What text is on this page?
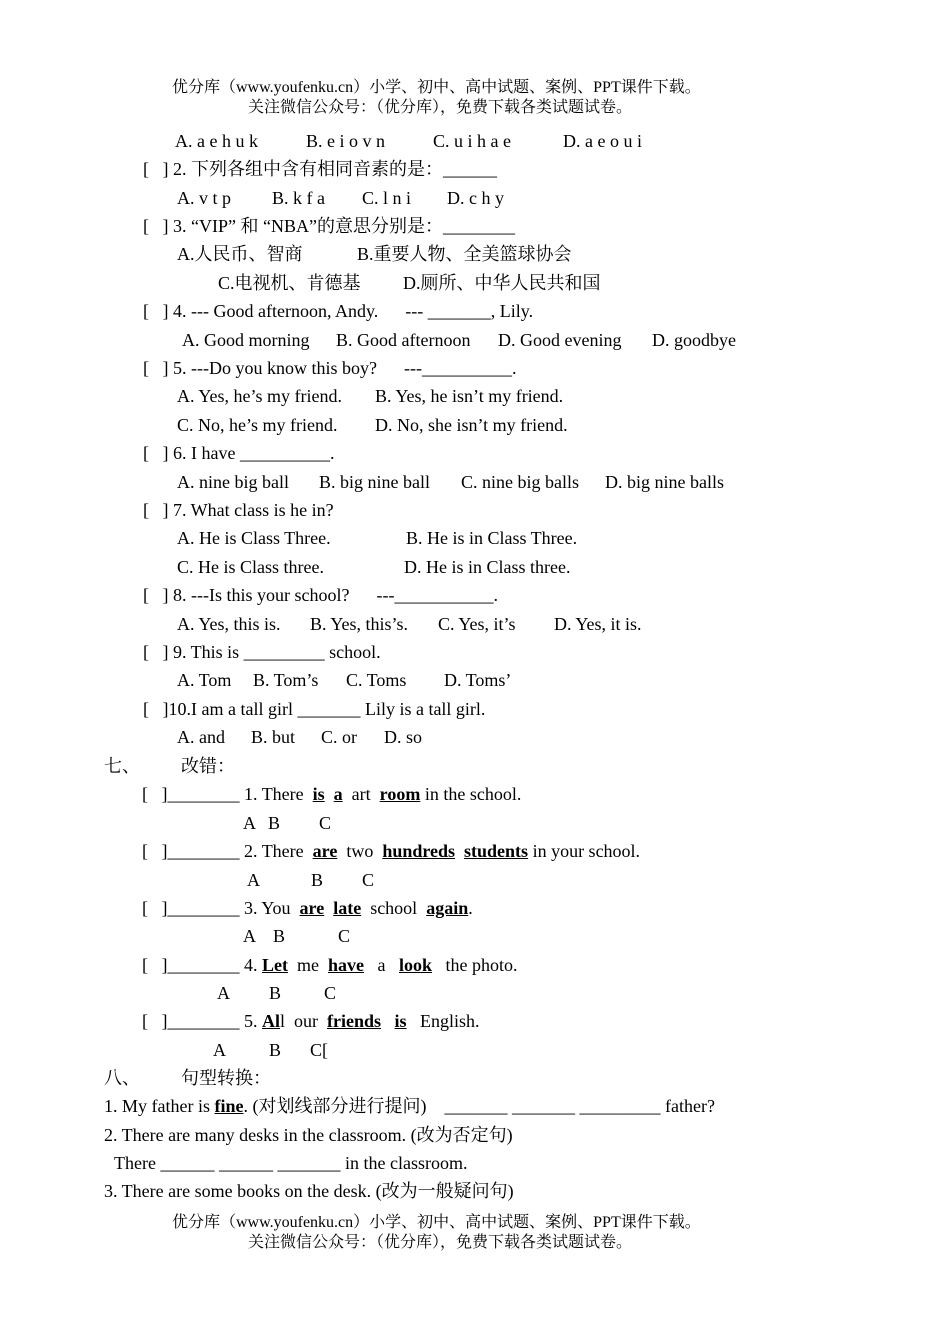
优分库（www.youfenku.cn）小学、初中、高中试题、案例、PPT课件下载。
关注微信公众号：（优分库），免费下载各类试题试卷。
A. a e h u k	B. e i o v n	C. u i h a e	D. a e o u i
[   ] 2. 下列各组中含有相同音素的是：______
A. v t p B. k f a C. l n i D. c h y
[   ] 3. “VIP” 和 “NBA”的意思分别是：________
A.人民币、智商	B.重要人物、全美篮球协会
C.电视机、肯德基 D.厕所、中华人民共和国
[   ] 4. --- Good afternoon, Andy.      --- _______, Lily.
A. Good morning B. Good afternoon D. Good evening D. goodbye
[   ] 5. ---Do you know this boy?      ---__________.
A. Yes, he’s my friend. B. Yes, he isn’t my friend.
C. No, he’s my friend. D. No, she isn’t my friend.
[   ] 6. I have __________.
A. nine big ball B. big nine ball C. nine big balls D. big nine balls
[   ] 7. What class is he in?
A. He is Class Three.	B. He is in Class Three.
C. He is Class three.	D. He is in Class three.
[   ] 8. ---Is this your school?      ---___________.
A. Yes, this is. B. Yes, this’s. C. Yes, it’s D. Yes, it is.
[   ] 9. This is _________ school.
A. Tom B. Tom’s C. Toms D. Toms’
[   ]10.I am a tall girl _______ Lily is a tall girl.
A. and B. but C. or D. so
七、 改错：
[   ]________ 1. There is a art room in the school.
A B C
[   ]________ 2. There are two hundreds students in your school.
A	B C
[   ]________ 3. You are late school again.
A B	C
[   ]________ 4. Let me have a look the photo.
A B C
[   ]________ 5. All our friends is English.
A B C[
八、 句型转换：
1. My father is fine. (对划线部分进行提问)    _______ _______ _________ father?
2. There are many desks in the classroom. (改为否定句)
There ______ ______ _______ in the classroom.
3. There are some books on the desk. (改为一般疑问句)
优分库（www.youfenku.cn）小学、初中、高中试题、案例、PPT课件下载。
关注微信公众号：（优分库），免费下载各类试题试卷。
